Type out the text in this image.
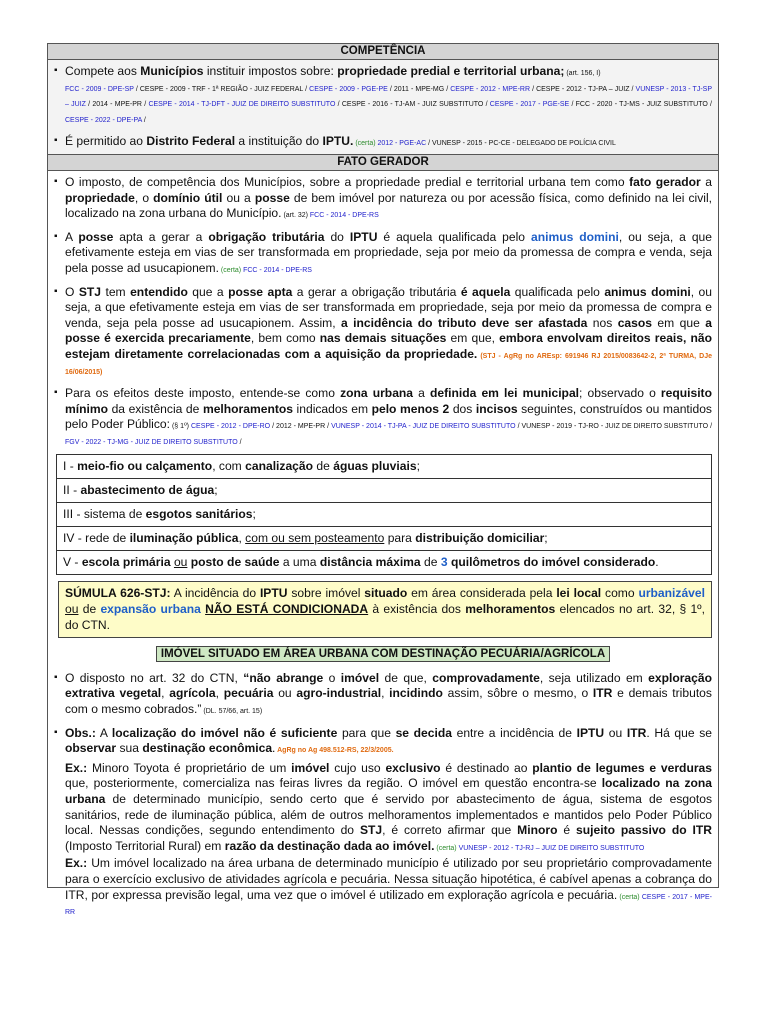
COMPETÊNCIA
▪ Compete aos Municípios instituir impostos sobre: propriedade predial e territorial urbana; (art. 156, I)
FCC - 2009 - DPE-SP / CESPE - 2009 - TRF - 1ª REGIÃO - JUIZ FEDERAL / CESPE - 2009 - PGE-PE / 2011 - MPE-MG / CESPE - 2012 - MPE-RR / CESPE - 2012 - TJ-PA – JUIZ / VUNESP - 2013 - TJ-SP – JUIZ / 2014 - MPE-PR / CESPE - 2014 - TJ-DFT - JUIZ DE DIREITO SUBSTITUTO / CESPE - 2016 - TJ-AM - JUIZ SUBSTITUTO / CESPE - 2017 - PGE-SE / FCC - 2020 - TJ-MS - JUIZ SUBSTITUTO / CESPE - 2022 - DPE-PA /
▪ É permitido ao Distrito Federal a instituição do IPTU. (certa) 2012 - PGE-AC / VUNESP - 2015 - PC-CE - DELEGADO DE POLÍCIA CIVIL
FATO GERADOR
▪ O imposto, de competência dos Municípios, sobre a propriedade predial e territorial urbana tem como fato gerador a propriedade, o domínio útil ou a posse de bem imóvel por natureza ou por acessão física, como definido na lei civil, localizado na zona urbana do Município. (art. 32) FCC - 2014 - DPE-RS
▪ A posse apta a gerar a obrigação tributária do IPTU é aquela qualificada pelo animus domini, ou seja, a que efetivamente esteja em vias de ser transformada em propriedade, seja por meio da promessa de compra e venda, seja pela posse ad usucapionem. (certa) FCC - 2014 - DPE-RS
▪ O STJ tem entendido que a posse apta a gerar a obrigação tributária é aquela qualificada pelo animus domini, ou seja, a que efetivamente esteja em vias de ser transformada em propriedade, seja por meio da promessa de compra e venda, seja pela posse ad usucapionem. Assim, a incidência do tributo deve ser afastada nos casos em que a posse é exercida precariamente, bem como nas demais situações em que, embora envolvam direitos reais, não estejam diretamente correlacionadas com a aquisição da propriedade. (STJ - AgRg no AREsp: 691946 RJ 2015/0083642-2, 2ª TURMA, DJe 16/06/2015)
▪ Para os efeitos deste imposto, entende-se como zona urbana a definida em lei municipal; observado o requisito mínimo da existência de melhoramentos indicados em pelo menos 2 dos incisos seguintes, construídos ou mantidos pelo Poder Público: (§ 1º) CESPE - 2012 - DPE-RO / 2012 - MPE-PR / VUNESP - 2014 - TJ-PA - JUIZ DE DIREITO SUBSTITUTO / VUNESP - 2019 - TJ-RO - JUIZ DE DIREITO SUBSTITUTO / FGV - 2022 - TJ-MG - JUIZ DE DIREITO SUBSTITUTO /
I - meio-fio ou calçamento, com canalização de águas pluviais;
II - abastecimento de água;
III - sistema de esgotos sanitários;
IV - rede de iluminação pública, com ou sem posteamento para distribuição domiciliar;
V - escola primária ou posto de saúde a uma distância máxima de 3 quilômetros do imóvel considerado.
SÚMULA 626-STJ: A incidência do IPTU sobre imóvel situado em área considerada pela lei local como urbanizável ou de expansão urbana NÃO ESTÁ CONDICIONADA à existência dos melhoramentos elencados no art. 32, § 1º, do CTN.
IMÓVEL SITUADO EM ÁREA URBANA COM DESTINAÇÃO PECUÁRIA/AGRÍCOLA
▪ O disposto no art. 32 do CTN, “não abrange o imóvel de que, comprovadamente, seja utilizado em exploração extrativa vegetal, agrícola, pecuária ou agro-industrial, incidindo assim, sôbre o mesmo, o ITR e demais tributos com o mesmo cobrados.” (DL. 57/66, art. 15)
▪ Obs.: A localização do imóvel não é suficiente para que se decida entre a incidência de IPTU ou ITR. Há que se observar sua destinação econômica. AgRg no Ag 498.512-RS, 22/3/2005.
Ex.: Minoro Toyota é proprietário de um imóvel cujo uso exclusivo é destinado ao plantio de legumes e verduras que, posteriormente, comercializa nas feiras livres da região. O imóvel em questão encontra-se localizado na zona urbana de determinado município, sendo certo que é servido por abastecimento de água, sistema de esgotos sanitários, rede de iluminação pública, além de outros melhoramentos implementados e mantidos pelo Poder Público local. Nessas condições, segundo entendimento do STJ, é correto afirmar que Minoro é sujeito passivo do ITR (Imposto Territorial Rural) em razão da destinação dada ao imóvel. (certa) VUNESP - 2012 - TJ-RJ – JUIZ DE DIREITO SUBSTITUTO
Ex.: Um imóvel localizado na área urbana de determinado município é utilizado por seu proprietário comprovadamente para o exercício exclusivo de atividades agrícola e pecuária. Nessa situação hipotética, é cabível apenas a cobrança do ITR, por expressa previsão legal, uma vez que o imóvel é utilizado em exploração agrícola e pecuária. (certa) CESPE - 2017 - MPE-RR
